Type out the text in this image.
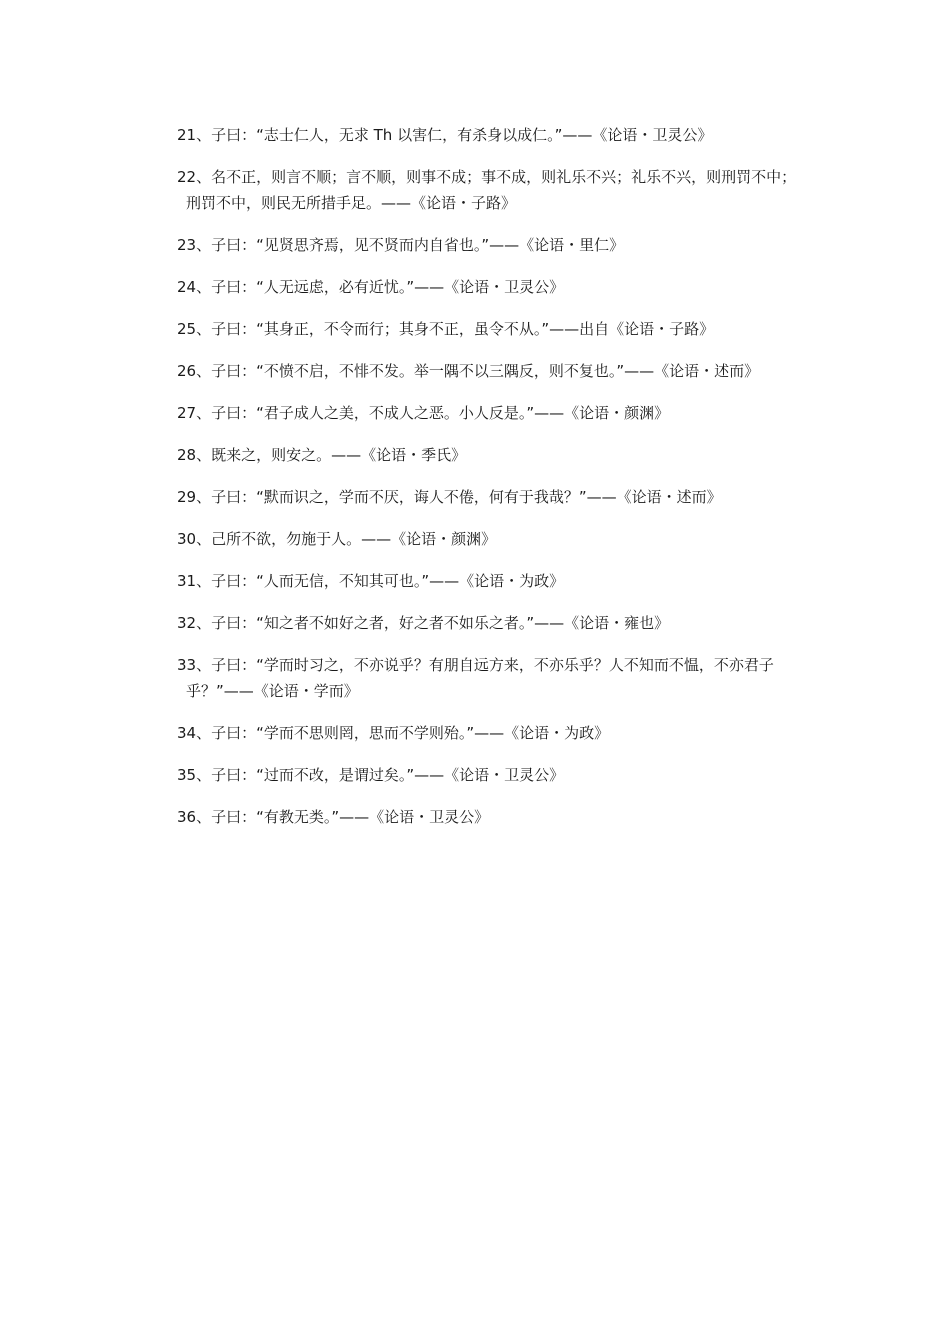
21、子曰：“志士仁人，无求 Th 以害仁，有杀身以成仁。”——《论语・卫灵公》
22、名不正，则言不顺；言不顺，则事不成；事不成，则礼乐不兴；礼乐不兴，则刑罚不中；刑罚不中，则民无所措手足。——《论语・子路》
23、子曰：“见贤思齐焉，见不贤而内自省也。”——《论语・里仁》
24、子曰：“人无远虑，必有近忧。”——《论语・卫灵公》
25、子曰：“其身正，不令而行；其身不正，虽令不从。”——出自《论语・子路》
26、子曰：“不愤不启，不悱不发。举一隅不以三隅反，则不复也。”——《论语・述而》
27、子曰：“君子成人之美，不成人之恶。小人反是。”——《论语・颜渊》
28、既来之，则安之。——《论语・季氏》
29、子曰：“默而识之，学而不厌，诲人不倦，何有于我哉？”——《论语・述而》
30、己所不欲，勿施于人。——《论语・颜渊》
31、子曰：“人而无信，不知其可也。”——《论语・为政》
32、子曰：“知之者不如好之者，好之者不如乐之者。”——《论语・雍也》
33、子曰：“学而时习之，不亦说乎？有朋自远方来，不亦乐乎？人不知而不愠，不亦君子乎？”——《论语・学而》
34、子曰：“学而不思则罔，思而不学则殆。”——《论语・为政》
35、子曰：“过而不改，是谓过矣。”——《论语・卫灵公》
36、子曰：“有教无类。”——《论语・卫灵公》
